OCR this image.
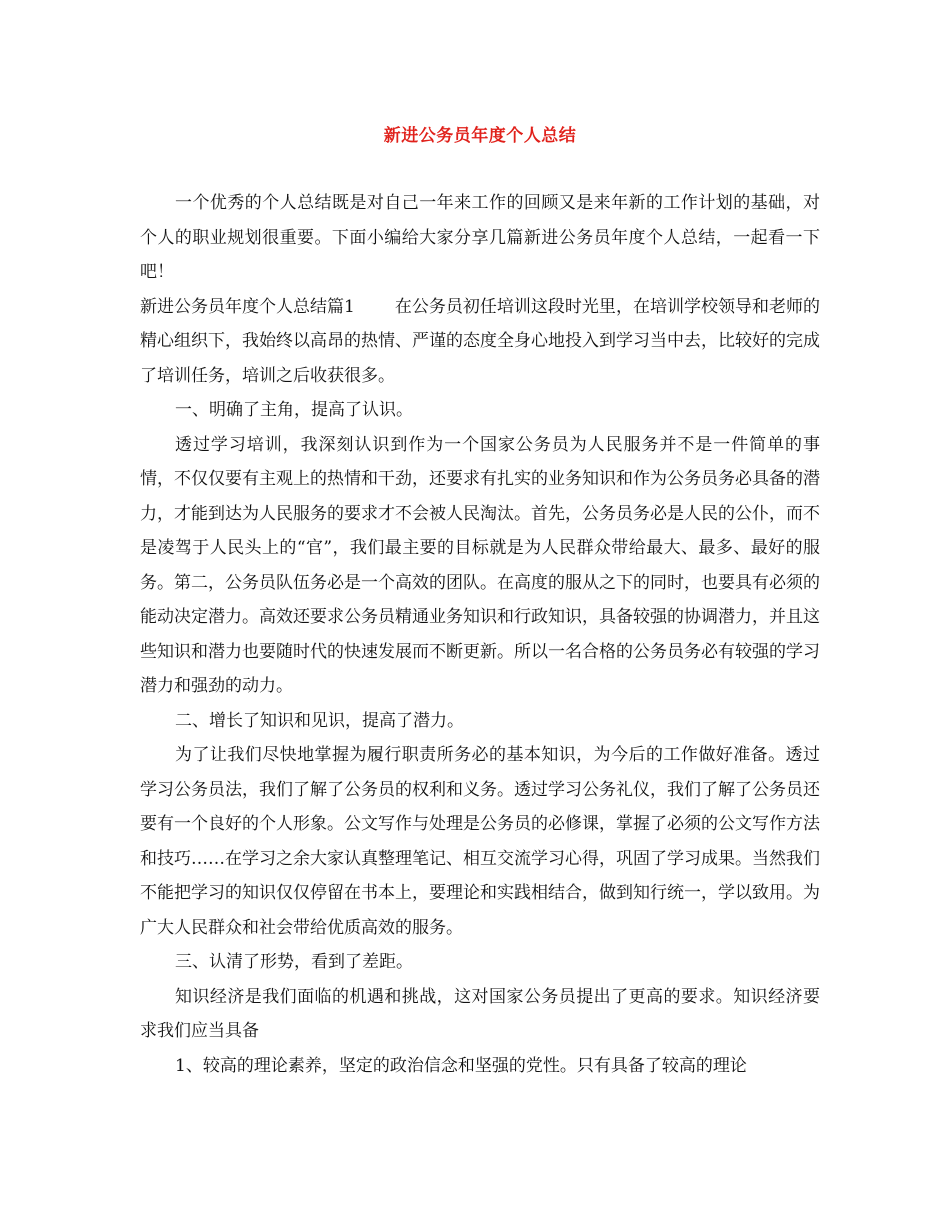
新进公务员年度个人总结

一个优秀的个人总结既是对自己一年来工作的回顾又是来年新的工作计划的基础，对个人的职业规划很重要。下面小编给大家分享几篇新进公务员年度个人总结，一起看一下吧！

新进公务员年度个人总结篇1 在公务员初任培训这段时光里，在培训学校领导和老师的精心组织下，我始终以高昂的热情、严谨的态度全身心地投入到学习当中去，比较好的完成了培训任务，培训之后收获很多。

一、明确了主角，提高了认识。

透过学习培训，我深刻认识到作为一个国家公务员为人民服务并不是一件简单的事情，不仅仅要有主观上的热情和干劲，还要求有扎实的业务知识和作为公务员务必具备的潜力，才能到达为人民服务的要求才不会被人民淘汰。首先，公务员务必是人民的公仆，而不是凌驾于人民头上的“官”，我们最主要的目标就是为人民群众带给最大、最多、最好的服务。第二，公务员队伍务必是一个高效的团队。在高度的服从之下的同时，也要具有必须的能动决定潜力。高效还要求公务员精通业务知识和行政知识，具备较强的协调潜力，并且这些知识和潜力也要随时代的快速发展而不断更新。所以一名合格的公务员务必有较强的学习潜力和强劲的动力。

二、增长了知识和见识，提高了潜力。

为了让我们尽快地掌握为履行职责所务必的基本知识，为今后的工作做好准备。透过学习公务员法，我们了解了公务员的权利和义务。透过学习公务礼仪，我们了解了公务员还要有一个良好的个人形象。公文写作与处理是公务员的必修课，掌握了必须的公文写作方法和技巧……在学习之余大家认真整理笔记、相互交流学习心得，巩固了学习成果。当然我们不能把学习的知识仅仅停留在书本上，要理论和实践相结合，做到知行统一，学以致用。为广大人民群众和社会带给优质高效的服务。

三、认清了形势，看到了差距。

知识经济是我们面临的机遇和挑战，这对国家公务员提出了更高的要求。知识经济要求我们应当具备

1、较高的理论素养，坚定的政治信念和坚强的党性。只有具备了较高的理论
